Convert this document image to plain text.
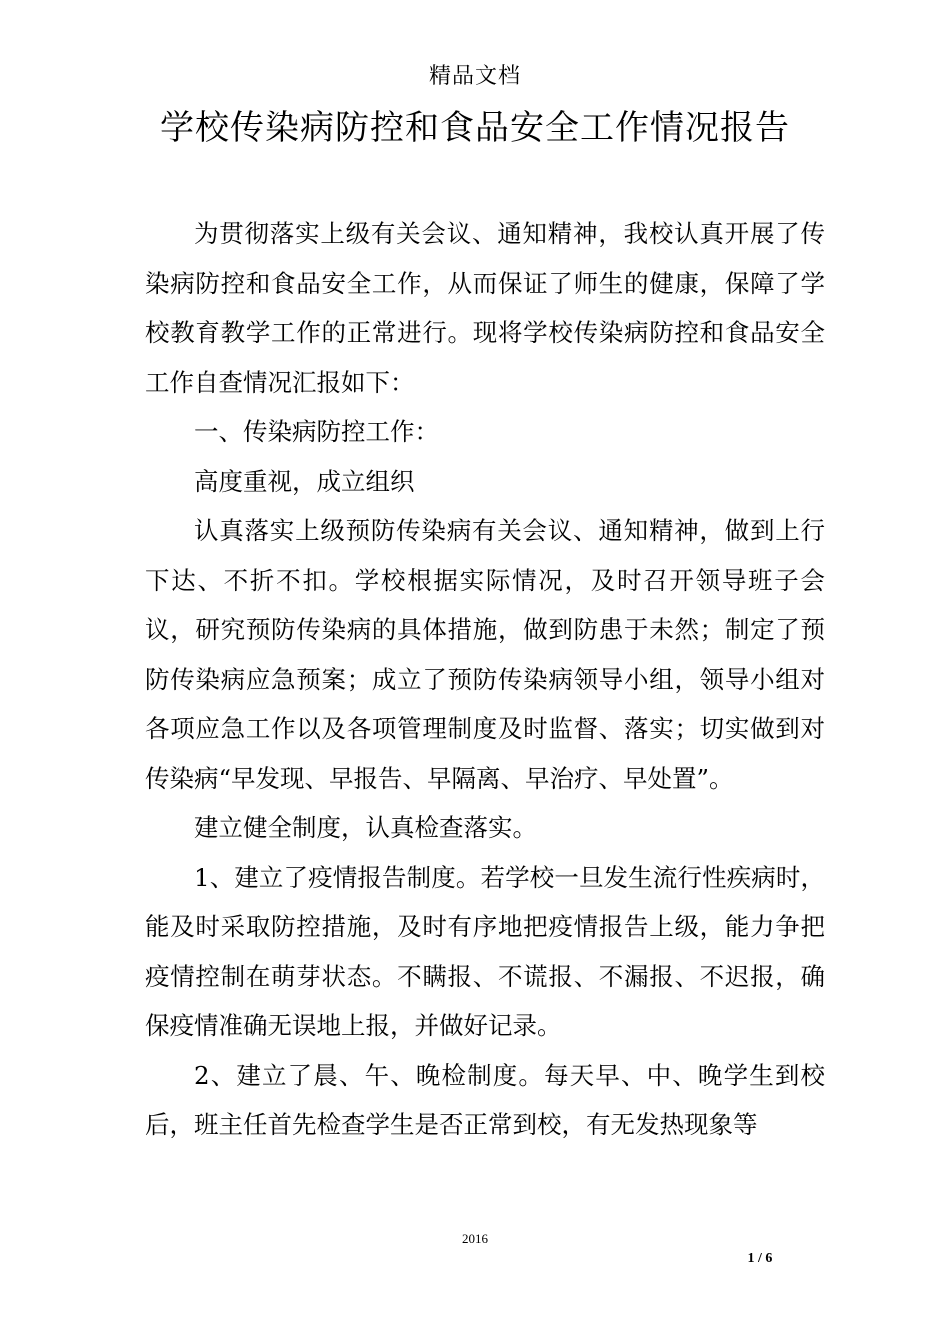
精品文档
学校传染病防控和食品安全工作情况报告

为贯彻落实上级有关会议、通知精神，我校认真开展了传染病防控和食品安全工作，从而保证了师生的健康，保障了学校教育教学工作的正常进行。现将学校传染病防控和食品安全工作自查情况汇报如下：

一、传染病防控工作：

高度重视，成立组织

认真落实上级预防传染病有关会议、通知精神，做到上行下达、不折不扣。学校根据实际情况，及时召开领导班子会议，研究预防传染病的具体措施，做到防患于未然；制定了预防传染病应急预案；成立了预防传染病领导小组，领导小组对各项应急工作以及各项管理制度及时监督、落实；切实做到对传染病“早发现、早报告、早隔离、早治疗、早处置”。

建立健全制度，认真检查落实。

1、建立了疫情报告制度。若学校一旦发生流行性疾病时，能及时采取防控措施，及时有序地把疫情报告上级，能力争把疫情控制在萌芽状态。不瞒报、不谎报、不漏报、不迟报，确保疫情准确无误地上报，并做好记录。

2、建立了晨、午、晚检制度。每天早、中、晚学生到校后，班主任首先检查学生是否正常到校，有无发热现象等

2016
1 / 6
